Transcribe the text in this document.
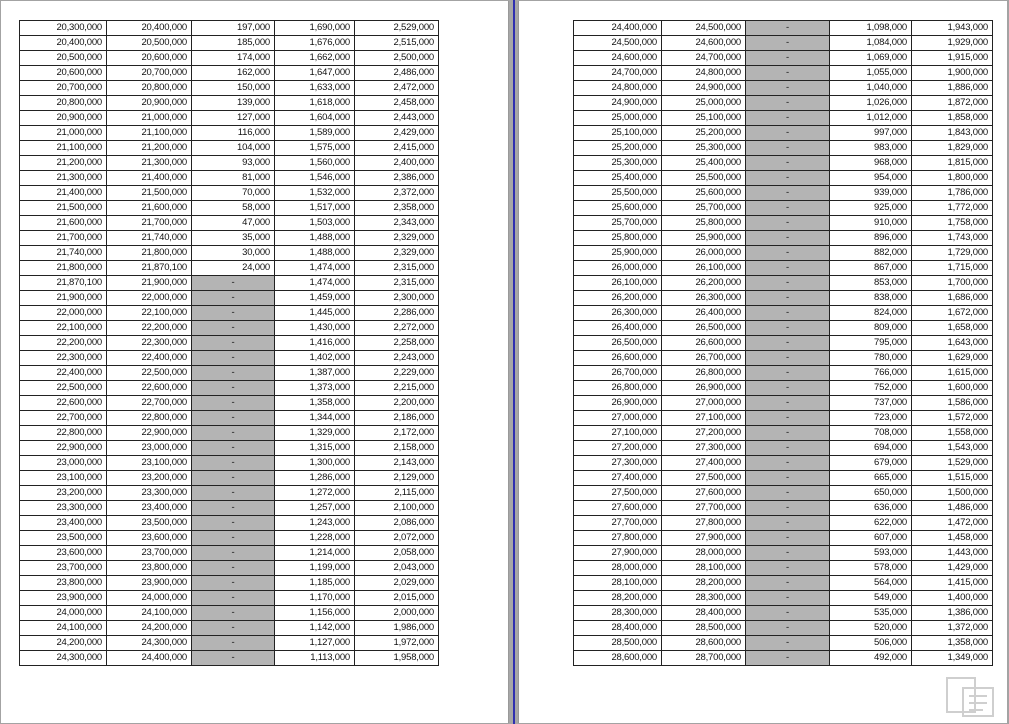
20,300,000	20,400,000	197,000	1,690,000	2,529,000
20,400,000	20,500,000	185,000	1,676,000	2,515,000
20,500,000	20,600,000	174,000	1,662,000	2,500,000
20,600,000	20,700,000	162,000	1,647,000	2,486,000
20,700,000	20,800,000	150,000	1,633,000	2,472,000
20,800,000	20,900,000	139,000	1,618,000	2,458,000
20,900,000	21,000,000	127,000	1,604,000	2,443,000
21,000,000	21,100,000	116,000	1,589,000	2,429,000
21,100,000	21,200,000	104,000	1,575,000	2,415,000
21,200,000	21,300,000	93,000	1,560,000	2,400,000
21,300,000	21,400,000	81,000	1,546,000	2,386,000
21,400,000	21,500,000	70,000	1,532,000	2,372,000
21,500,000	21,600,000	58,000	1,517,000	2,358,000
21,600,000	21,700,000	47,000	1,503,000	2,343,000
21,700,000	21,740,000	35,000	1,488,000	2,329,000
21,740,000	21,800,000	30,000	1,488,000	2,329,000
21,800,000	21,870,100	24,000	1,474,000	2,315,000
21,870,100	21,900,000	-	1,474,000	2,315,000
21,900,000	22,000,000	-	1,459,000	2,300,000
22,000,000	22,100,000	-	1,445,000	2,286,000
22,100,000	22,200,000	-	1,430,000	2,272,000
22,200,000	22,300,000	-	1,416,000	2,258,000
22,300,000	22,400,000	-	1,402,000	2,243,000
22,400,000	22,500,000	-	1,387,000	2,229,000
22,500,000	22,600,000	-	1,373,000	2,215,000
22,600,000	22,700,000	-	1,358,000	2,200,000
22,700,000	22,800,000	-	1,344,000	2,186,000
22,800,000	22,900,000	-	1,329,000	2,172,000
22,900,000	23,000,000	-	1,315,000	2,158,000
23,000,000	23,100,000	-	1,300,000	2,143,000
23,100,000	23,200,000	-	1,286,000	2,129,000
23,200,000	23,300,000	-	1,272,000	2,115,000
23,300,000	23,400,000	-	1,257,000	2,100,000
23,400,000	23,500,000	-	1,243,000	2,086,000
23,500,000	23,600,000	-	1,228,000	2,072,000
23,600,000	23,700,000	-	1,214,000	2,058,000
23,700,000	23,800,000	-	1,199,000	2,043,000
23,800,000	23,900,000	-	1,185,000	2,029,000
23,900,000	24,000,000	-	1,170,000	2,015,000
24,000,000	24,100,000	-	1,156,000	2,000,000
24,100,000	24,200,000	-	1,142,000	1,986,000
24,200,000	24,300,000	-	1,127,000	1,972,000
24,300,000	24,400,000	-	1,113,000	1,958,000
24,400,000	24,500,000	-	1,098,000	1,943,000
24,500,000	24,600,000	-	1,084,000	1,929,000
24,600,000	24,700,000	-	1,069,000	1,915,000
24,700,000	24,800,000	-	1,055,000	1,900,000
24,800,000	24,900,000	-	1,040,000	1,886,000
24,900,000	25,000,000	-	1,026,000	1,872,000
25,000,000	25,100,000	-	1,012,000	1,858,000
25,100,000	25,200,000	-	997,000	1,843,000
25,200,000	25,300,000	-	983,000	1,829,000
25,300,000	25,400,000	-	968,000	1,815,000
25,400,000	25,500,000	-	954,000	1,800,000
25,500,000	25,600,000	-	939,000	1,786,000
25,600,000	25,700,000	-	925,000	1,772,000
25,700,000	25,800,000	-	910,000	1,758,000
25,800,000	25,900,000	-	896,000	1,743,000
25,900,000	26,000,000	-	882,000	1,729,000
26,000,000	26,100,000	-	867,000	1,715,000
26,100,000	26,200,000	-	853,000	1,700,000
26,200,000	26,300,000	-	838,000	1,686,000
26,300,000	26,400,000	-	824,000	1,672,000
26,400,000	26,500,000	-	809,000	1,658,000
26,500,000	26,600,000	-	795,000	1,643,000
26,600,000	26,700,000	-	780,000	1,629,000
26,700,000	26,800,000	-	766,000	1,615,000
26,800,000	26,900,000	-	752,000	1,600,000
26,900,000	27,000,000	-	737,000	1,586,000
27,000,000	27,100,000	-	723,000	1,572,000
27,100,000	27,200,000	-	708,000	1,558,000
27,200,000	27,300,000	-	694,000	1,543,000
27,300,000	27,400,000	-	679,000	1,529,000
27,400,000	27,500,000	-	665,000	1,515,000
27,500,000	27,600,000	-	650,000	1,500,000
27,600,000	27,700,000	-	636,000	1,486,000
27,700,000	27,800,000	-	622,000	1,472,000
27,800,000	27,900,000	-	607,000	1,458,000
27,900,000	28,000,000	-	593,000	1,443,000
28,000,000	28,100,000	-	578,000	1,429,000
28,100,000	28,200,000	-	564,000	1,415,000
28,200,000	28,300,000	-	549,000	1,400,000
28,300,000	28,400,000	-	535,000	1,386,000
28,400,000	28,500,000	-	520,000	1,372,000
28,500,000	28,600,000	-	506,000	1,358,000
28,600,000	28,700,000	-	492,000	1,349,000
